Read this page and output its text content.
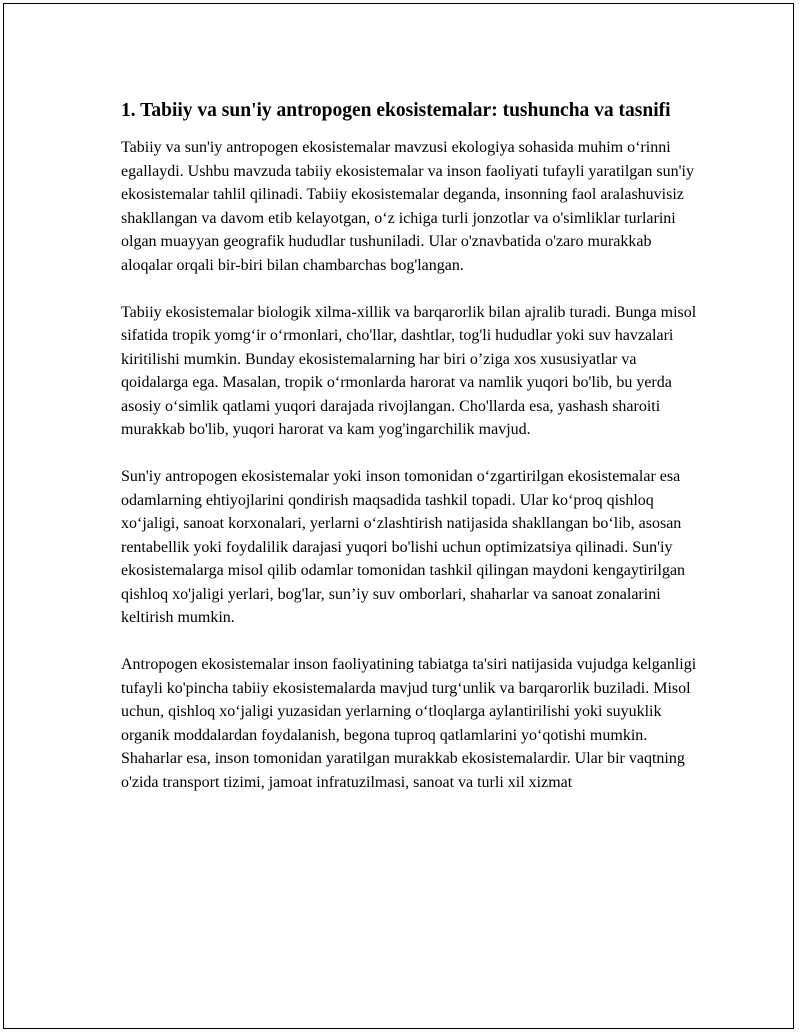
1. Tabiiy va sun'iy antropogen ekosistemalar: tushuncha va tasnifi

Tabiiy va sun'iy antropogen ekosistemalar mavzusi ekologiya sohasida muhim o‘rinni egallaydi. Ushbu mavzuda tabiiy ekosistemalar va inson faoliyati tufayli yaratilgan sun'iy ekosistemalar tahlil qilinadi. Tabiiy ekosistemalar deganda, insonning faol aralashuvisiz shakllangan va davom etib kelayotgan, o‘z ichiga turli jonzotlar va o'simliklar turlarini olgan muayyan geografik hududlar tushuniladi. Ular o'znavbatida o'zaro murakkab aloqalar orqali bir-biri bilan chambarchas bog'langan.

Tabiiy ekosistemalar biologik xilma-xillik va barqarorlik bilan ajralib turadi. Bunga misol sifatida tropik yomg‘ir o‘rmonlari, cho'llar, dashtlar, tog'li hududlar yoki suv havzalari kiritilishi mumkin. Bunday ekosistemalarning har biri o’ziga xos xususiyatlar va qoidalarga ega. Masalan, tropik o‘rmonlarda harorat va namlik yuqori bo'lib, bu yerda asosiy o‘simlik qatlami yuqori darajada rivojlangan. Cho'llarda esa, yashash sharoiti murakkab bo'lib, yuqori harorat va kam yog'ingarchilik mavjud.

Sun'iy antropogen ekosistemalar yoki inson tomonidan o‘zgartirilgan ekosistemalar esa odamlarning ehtiyojlarini qondirish maqsadida tashkil topadi. Ular ko‘proq qishloq xo‘jaligi, sanoat korxonalari, yerlarni o‘zlashtirish natijasida shakllangan bo‘lib, asosan rentabellik yoki foydalilik darajasi yuqori bo'lishi uchun optimizatsiya qilinadi. Sun'iy ekosistemalarga misol qilib odamlar tomonidan tashkil qilingan maydoni kengaytirilgan qishloq xo'jaligi yerlari, bog'lar, sun’iy suv omborlari, shaharlar va sanoat zonalarini keltirish mumkin.

Antropogen ekosistemalar inson faoliyatining tabiatga ta'siri natijasida vujudga kelganligi tufayli ko'pincha tabiiy ekosistemalarda mavjud turg‘unlik va barqarorlik buziladi. Misol uchun, qishloq xo‘jaligi yuzasidan yerlarning o‘tloqlarga aylantirilishi yoki suyuklik organik moddalardan foydalanish, begona tuproq qatlamlarini yo‘qotishi mumkin. Shaharlar esa, inson tomonidan yaratilgan murakkab ekosistemalardir. Ular bir vaqtning o'zida transport tizimi, jamoat infratuzilmasi, sanoat va turli xil xizmat
